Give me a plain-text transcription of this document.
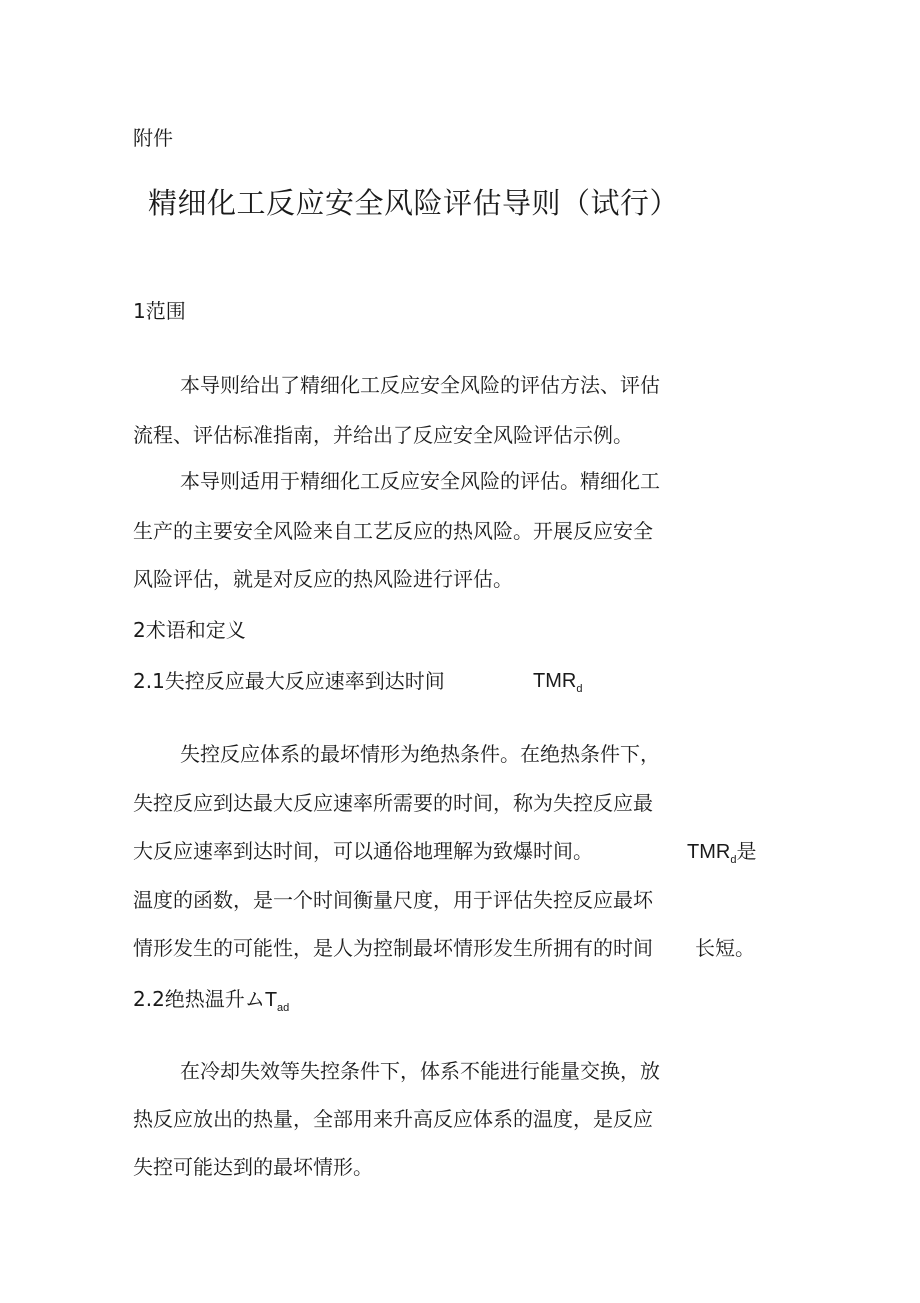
附件
精细化工反应安全风险评估导则（试行）
1范围
本导则给出了精细化工反应安全风险的评估方法、评估
流程、评估标准指南，并给出了反应安全风险评估示例。
本导则适用于精细化工反应安全风险的评估。精细化工
生产的主要安全风险来自工艺反应的热风险。开展反应安全
风险评估，就是对反应的热风险进行评估。
2术语和定义
2.1失控反应最大反应速率到达时间	$TMR_d$
失控反应体系的最坏情形为绝热条件。在绝热条件下，
失控反应到达最大反应速率所需要的时间，称为失控反应最
大反应速率到达时间，可以通俗地理解为致爆时间。	$TMR_d$是
温度的函数，是一个时间衡量尺度，用于评估失控反应最坏
情形发生的可能性，是人为控制最坏情形发生所拥有的时间 长短。
2.2绝热温升ム$T_{ad}$
在冷却失效等失控条件下，体系不能进行能量交换，放
热反应放出的热量，全部用来升高反应体系的温度，是反应
失控可能达到的最坏情形。
